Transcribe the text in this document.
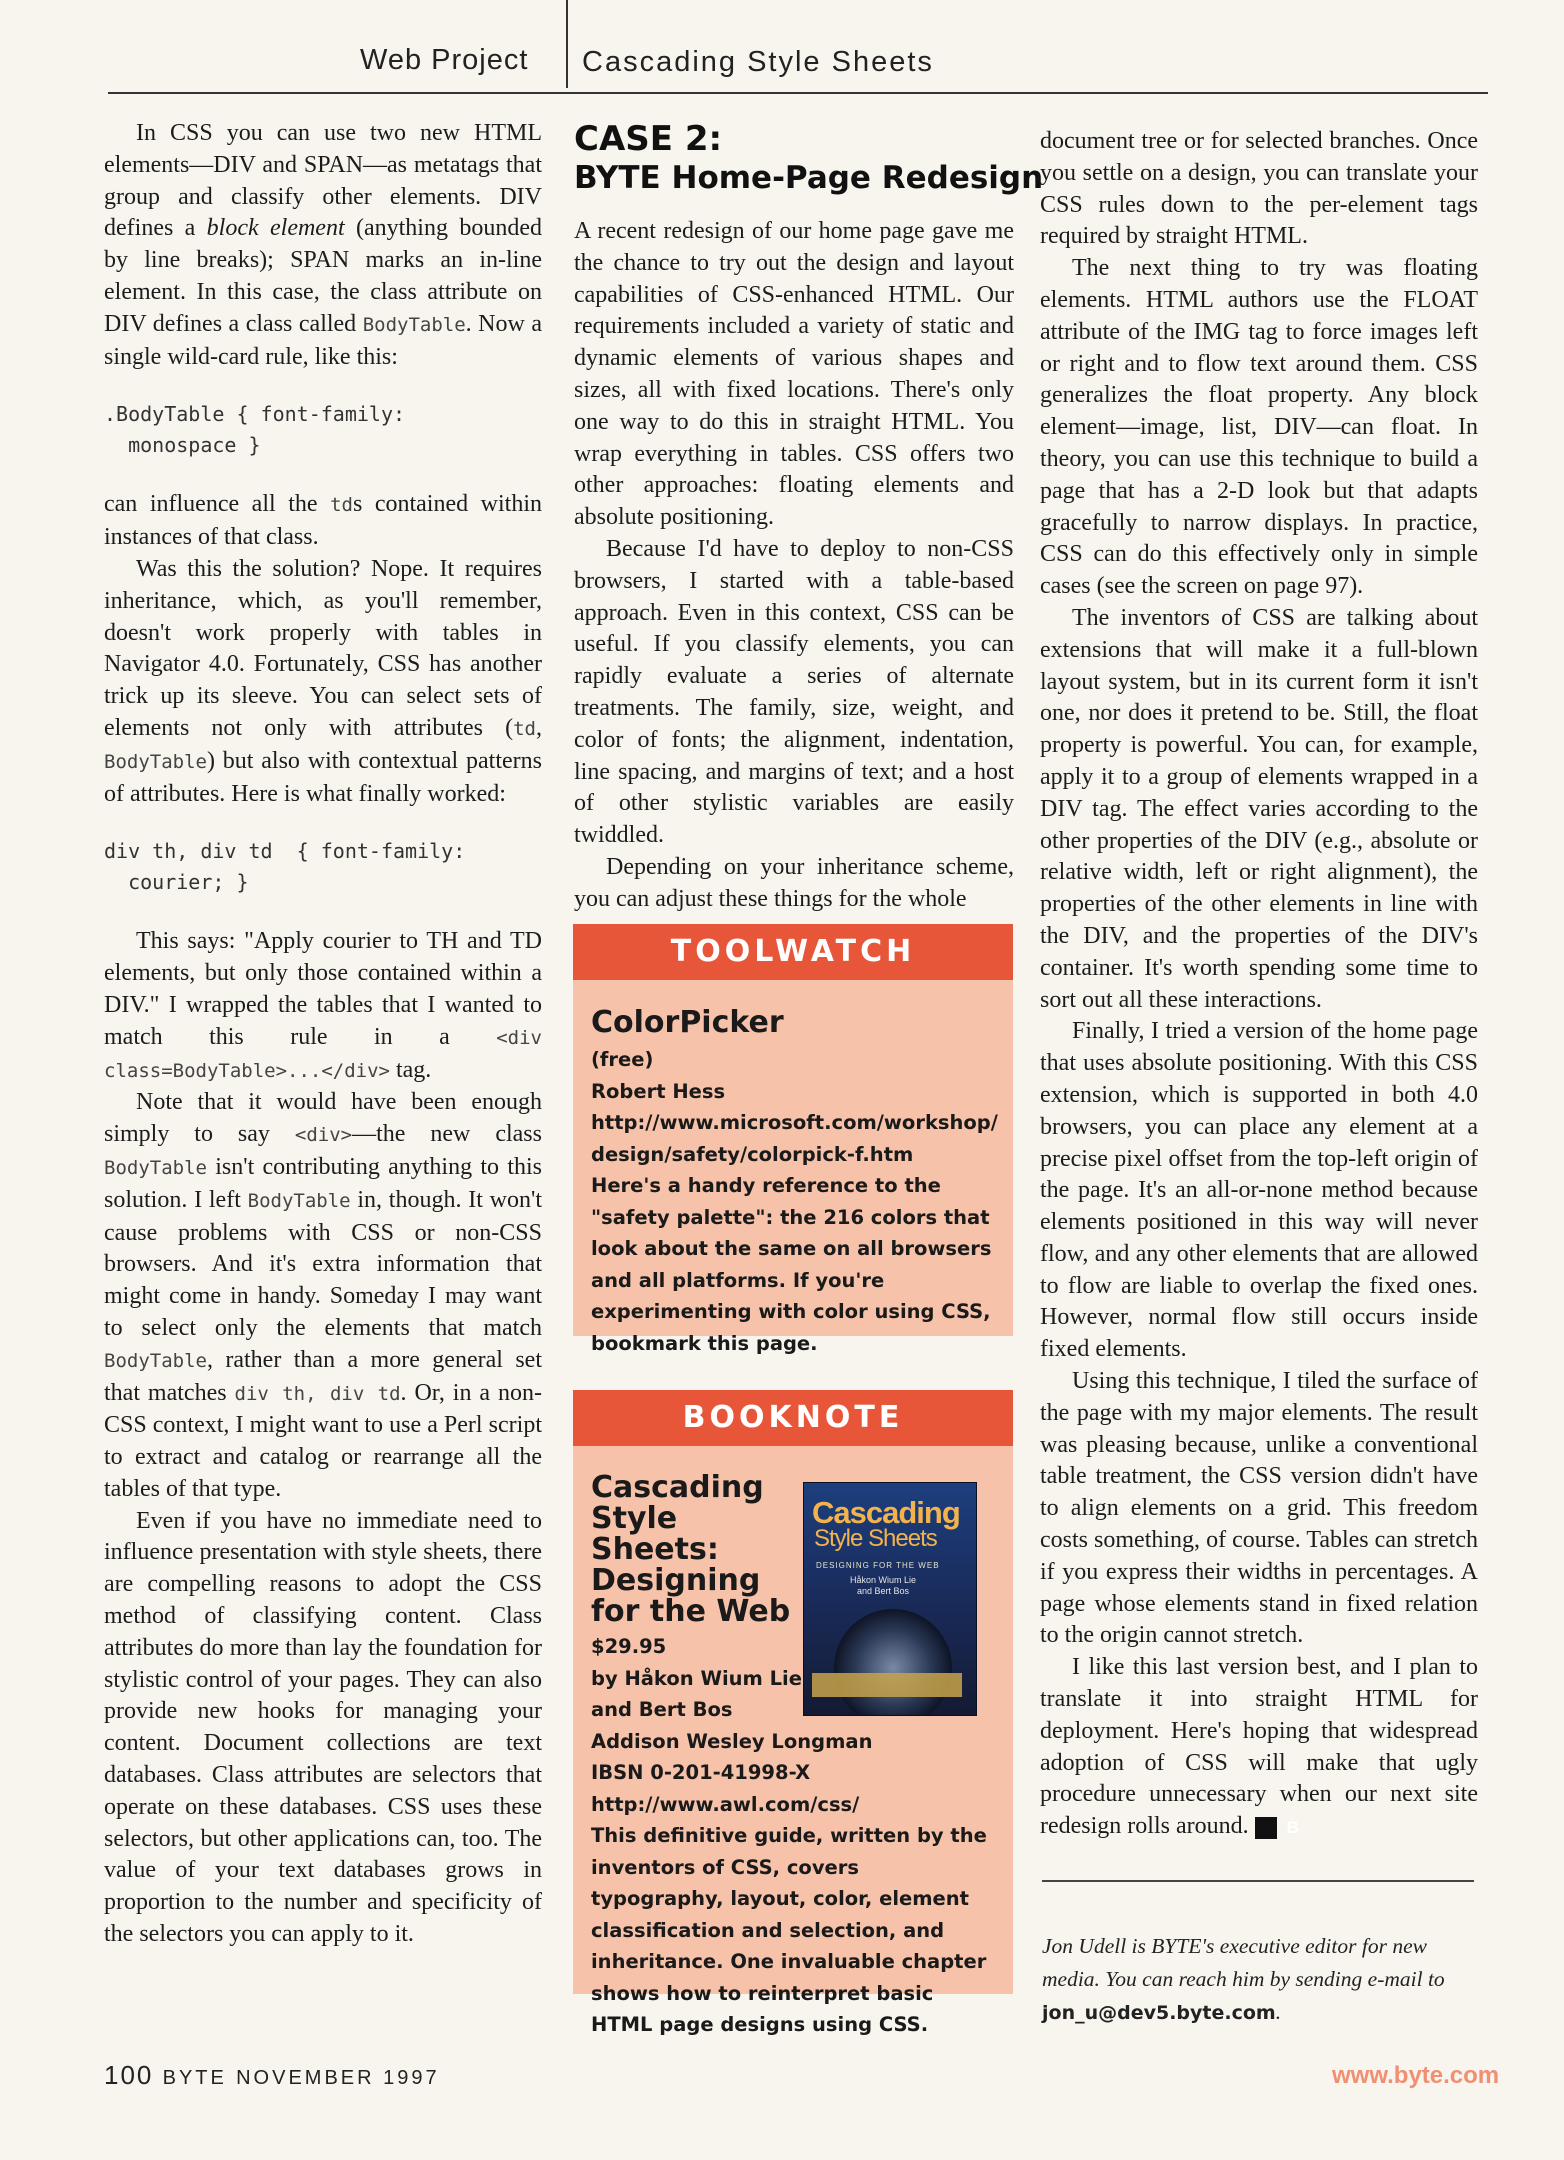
Web Project Cascading Style Sheets

In CSS you can use two new HTML elements—DIV and SPAN—as metatags that group and classify other elements. DIV defines a block element (anything bounded by line breaks); SPAN marks an in-line element. In this case, the class attribute on DIV defines a class called BodyTable. Now a single wild-card rule, like this:

.BodyTable { font-family:
monospace }

can influence all the tds contained within instances of that class.

Was this the solution? Nope. It requires inheritance, which, as you'll remember, doesn't work properly with tables in Navigator 4.0. Fortunately, CSS has another trick up its sleeve. You can select sets of elements not only with attributes (td, BodyTable) but also with contextual patterns of attributes. Here is what finally worked:

div th, div td  { font-family:
courier; }

This says: "Apply courier to TH and TD elements, but only those contained within a DIV." I wrapped the tables that I wanted to match this rule in a <div class=BodyTable>...</div> tag.

Note that it would have been enough simply to say <div>—the new class BodyTable isn't contributing anything to this solution. I left BodyTable in, though. It won't cause problems with CSS or non-CSS browsers. And it's extra information that might come in handy. Someday I may want to select only the elements that match BodyTable, rather than a more general set that matches div th, div td. Or, in a non-CSS context, I might want to use a Perl script to extract and catalog or rearrange all the tables of that type.

Even if you have no immediate need to influence presentation with style sheets, there are compelling reasons to adopt the CSS method of classifying content. Class attributes do more than lay the foundation for stylistic control of your pages. They can also provide new hooks for managing your content. Document collections are text databases. Class attributes are selectors that operate on these databases. CSS uses these selectors, but other applications can, too. The value of your text databases grows in proportion to the number and specificity of the selectors you can apply to it.

CASE 2:
BYTE Home-Page Redesign

A recent redesign of our home page gave me the chance to try out the design and layout capabilities of CSS-enhanced HTML. Our requirements included a variety of static and dynamic elements of various shapes and sizes, all with fixed locations. There's only one way to do this in straight HTML. You wrap everything in tables. CSS offers two other approaches: floating elements and absolute positioning.

Because I'd have to deploy to non-CSS browsers, I started with a table-based approach. Even in this context, CSS can be useful. If you classify elements, you can rapidly evaluate a series of alternate treatments. The family, size, weight, and color of fonts; the alignment, indentation, line spacing, and margins of text; and a host of other stylistic variables are easily twiddled.

Depending on your inheritance scheme, you can adjust these things for the whole

TOOLWATCH
ColorPicker
(free)
Robert Hess
http://www.microsoft.com/workshop/
design/safety/colorpick-f.htm
Here's a handy reference to the "safety palette": the 216 colors that look about the same on all browsers and all platforms. If you're experimenting with color using CSS, bookmark this page.
BOOKNOTE
Cascading Style Sheets: Designing for the Web
$29.95
by Håkon Wium Lie
and Bert Bos
Addison Wesley Longman
IBSN 0-201-41998-X
http://www.awl.com/css/
This definitive guide, written by the inventors of CSS, covers typography, layout, color, element classification and selection, and inheritance. One invaluable chapter shows how to reinterpret basic HTML page designs using CSS.
Cascading
Style Sheets
DESIGNING FOR THE WEB
Håkon Wium Lie
and Bert Bos

document tree or for selected branches. Once you settle on a design, you can translate your CSS rules down to the per-element tags required by straight HTML.

The next thing to try was floating elements. HTML authors use the FLOAT attribute of the IMG tag to force images left or right and to flow text around them. CSS generalizes the float property. Any block element—image, list, DIV—can float. In theory, you can use this technique to build a page that has a 2-D look but that adapts gracefully to narrow displays. In practice, CSS can do this effectively only in simple cases (see the screen on page 97).

The inventors of CSS are talking about extensions that will make it a full-blown layout system, but in its current form it isn't one, nor does it pretend to be. Still, the float property is powerful. You can, for example, apply it to a group of elements wrapped in a DIV tag. The effect varies according to the other properties of the DIV (e.g., absolute or relative width, left or right alignment), the properties of the other elements in line with the DIV, and the properties of the DIV's container. It's worth spending some time to sort out all these interactions.

Finally, I tried a version of the home page that uses absolute positioning. With this CSS extension, which is supported in both 4.0 browsers, you can place any element at a precise pixel offset from the top-left origin of the page. It's an all-or-none method because elements positioned in this way will never flow, and any other elements that are allowed to flow are liable to overlap the fixed ones. However, normal flow still occurs inside fixed elements.

Using this technique, I tiled the surface of the page with my major elements. The result was pleasing because, unlike a conventional table treatment, the CSS version didn't have to align elements on a grid. This freedom costs something, of course. Tables can stretch if you express their widths in percentages. A page whose elements stand in fixed relation to the origin cannot stretch.

I like this last version best, and I plan to translate it into straight HTML for deployment. Here's hoping that widespread adoption of CSS will make that ugly procedure unnecessary when our next site redesign rolls around. B

Jon Udell is BYTE's executive editor for new media. You can reach him by sending e-mail to jon_u@dev5.byte.com.
100 BYTE NOVEMBER 1997	www.byte.com
